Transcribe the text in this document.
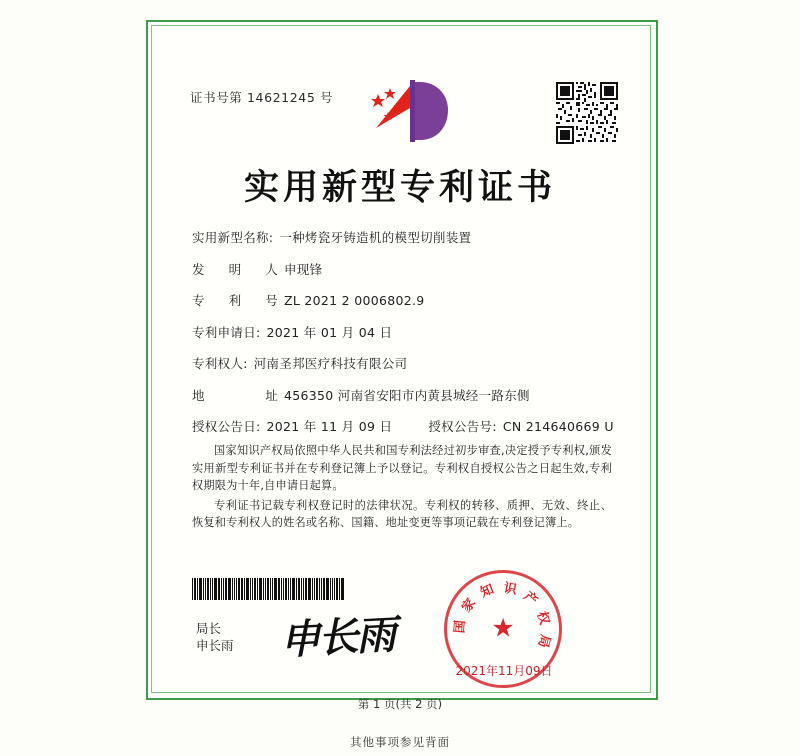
证书号第 14621245 号
实用新型专利证书
实用新型名称: 一种烤瓷牙铸造机的模型切削装置
发明人 申现锋
专利号 ZL 2021 2 0006802.9
专利申请日: 2021 年 01 月 04 日
专利权人: 河南圣邦医疗科技有限公司
地址 456350 河南省安阳市内黄县城经一路东侧
授权公告日: 2021 年 11 月 09 日	授权公告号: CN 214640669 U

国家知识产权局依照中华人民共和国专利法经过初步审查,决定授予专利权,颁发实用新型专利证书并在专利登记簿上予以登记。专利权自授权公告之日起生效,专利权期限为十年,自申请日起算。

专利证书记载专利权登记时的法律状况。专利权的转移、质押、无效、终止、恢复和专利权人的姓名或名称、国籍、地址变更等事项记载在专利登记簿上。

局长
申长雨 申长雨	★
国
家
知 识
产
权
局
2021年11月09日
第 1 页(共 2 页)
其他事项参见背面
